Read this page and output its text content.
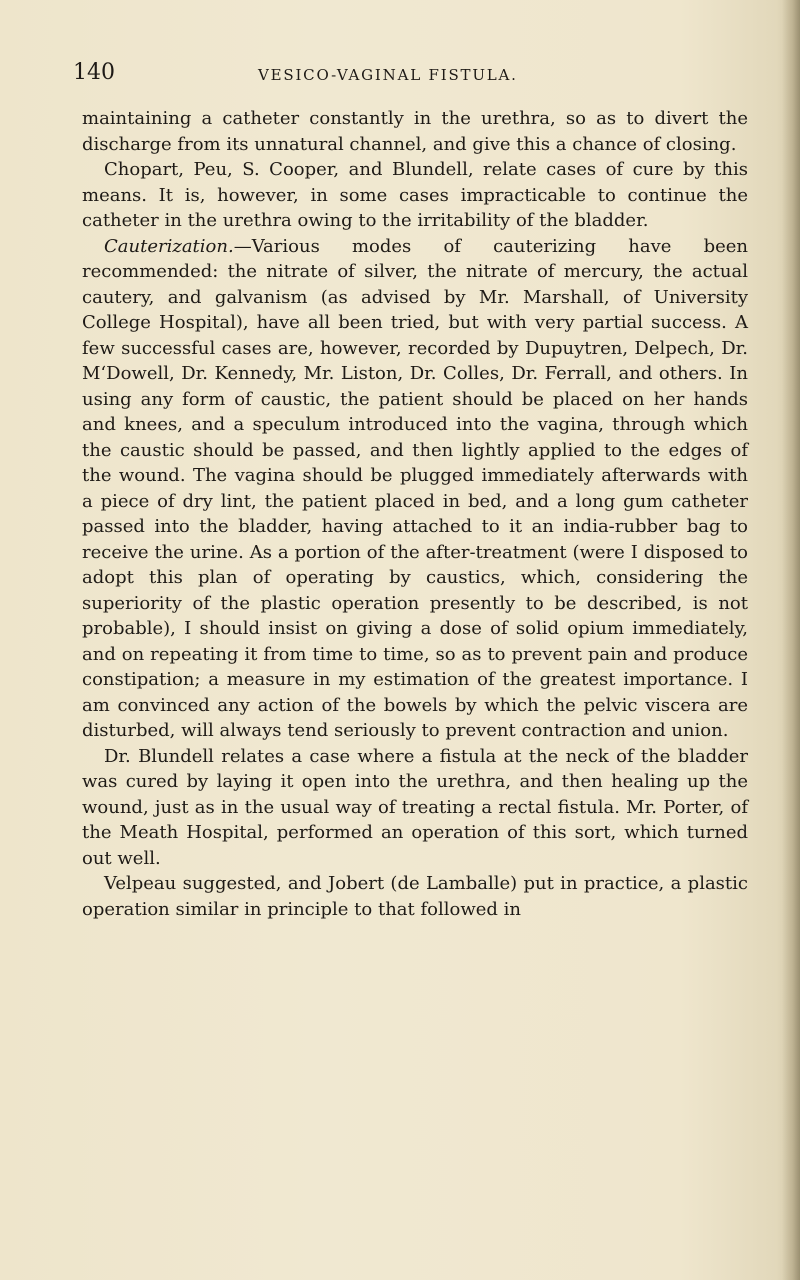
140	VESICO-VAGINAL FISTULA.

maintaining a catheter constantly in the urethra, so as to divert the discharge from its unnatural channel, and give this a chance of closing.

Chopart, Peu, S. Cooper, and Blundell, relate cases of cure by this means. It is, however, in some cases impracticable to continue the catheter in the urethra owing to the irritability of the bladder.

Cauterization.—Various modes of cauterizing have been recommended: the nitrate of silver, the nitrate of mercury, the actual cautery, and galvanism (as advised by Mr. Marshall, of University College Hospital), have all been tried, but with very partial success. A few successful cases are, however, recorded by Dupuytren, Delpech, Dr. M‘Dowell, Dr. Kennedy, Mr. Liston, Dr. Colles, Dr. Ferrall, and others. In using any form of caustic, the patient should be placed on her hands and knees, and a speculum introduced into the vagina, through which the caustic should be passed, and then lightly applied to the edges of the wound. The vagina should be plugged immediately afterwards with a piece of dry lint, the patient placed in bed, and a long gum catheter passed into the bladder, having attached to it an india-rubber bag to receive the urine. As a portion of the after-treatment (were I disposed to adopt this plan of operating by caustics, which, considering the superiority of the plastic operation presently to be described, is not probable), I should insist on giving a dose of solid opium immediately, and on repeating it from time to time, so as to prevent pain and produce constipation; a measure in my estimation of the greatest importance. I am convinced any action of the bowels by which the pelvic viscera are disturbed, will always tend seriously to prevent contraction and union.

Dr. Blundell relates a case where a fistula at the neck of the bladder was cured by laying it open into the urethra, and then healing up the wound, just as in the usual way of treating a rectal fistula. Mr. Porter, of the Meath Hospital, performed an operation of this sort, which turned out well.

Velpeau suggested, and Jobert (de Lamballe) put in practice, a plastic operation similar in principle to that followed in
